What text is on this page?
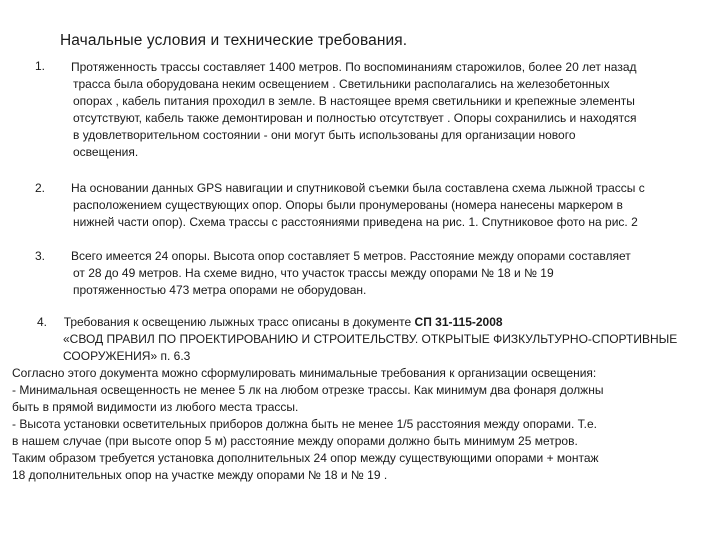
Начальные условия и технические требования.
1. Протяженность трассы составляет 1400 метров. По воспоминаниям старожилов, более 20 лет назад
трасса была оборудована неким освещением . Светильники располагались на железобетонных
опорах , кабель питания проходил в земле. В настоящее время светильники и крепежные элементы
отсутствуют, кабель также демонтирован и полностью отсутствует . Опоры сохранились и находятся
в удовлетворительном состоянии - они могут быть использованы для организации нового
освещения.
2. На основании данных GPS навигации и спутниковой съемки была составлена схема лыжной трассы с
расположением существующих опор. Опоры были пронумерованы (номера нанесены маркером в
нижней части опор). Схема трассы с расстояниями приведена на рис. 1. Спутниковое фото на рис. 2
3. Всего имеется 24 опоры. Высота опор составляет 5 метров. Расстояние между опорами составляет
от 28 до 49 метров. На схеме видно, что участок трассы между опорами № 18 и № 19
протяженностью 473 метра опорами не оборудован.
4. Требования к освещению лыжных трасс описаны в документе СП 31-115-2008
«СВОД ПРАВИЛ ПО ПРОЕКТИРОВАНИЮ И СТРОИТЕЛЬСТВУ. ОТКРЫТЫЕ ФИЗКУЛЬТУРНО-СПОРТИВНЫЕ
СООРУЖЕНИЯ» п. 6.3
Согласно этого документа можно сформулировать минимальные требования к организации освещения:
- Минимальная освещенность не менее 5 лк на любом отрезке трассы. Как минимум два фонаря должны
быть в прямой видимости из любого места трассы.
- Высота установки осветительных приборов должна быть не менее 1/5 расстояния между опорами. Т.е.
в нашем случае (при высоте опор 5 м) расстояние между опорами должно быть минимум 25 метров.
Таким образом требуется установка дополнительных 24 опор между существующими опорами + монтаж
18 дополнительных опор на участке между опорами № 18 и № 19 .
